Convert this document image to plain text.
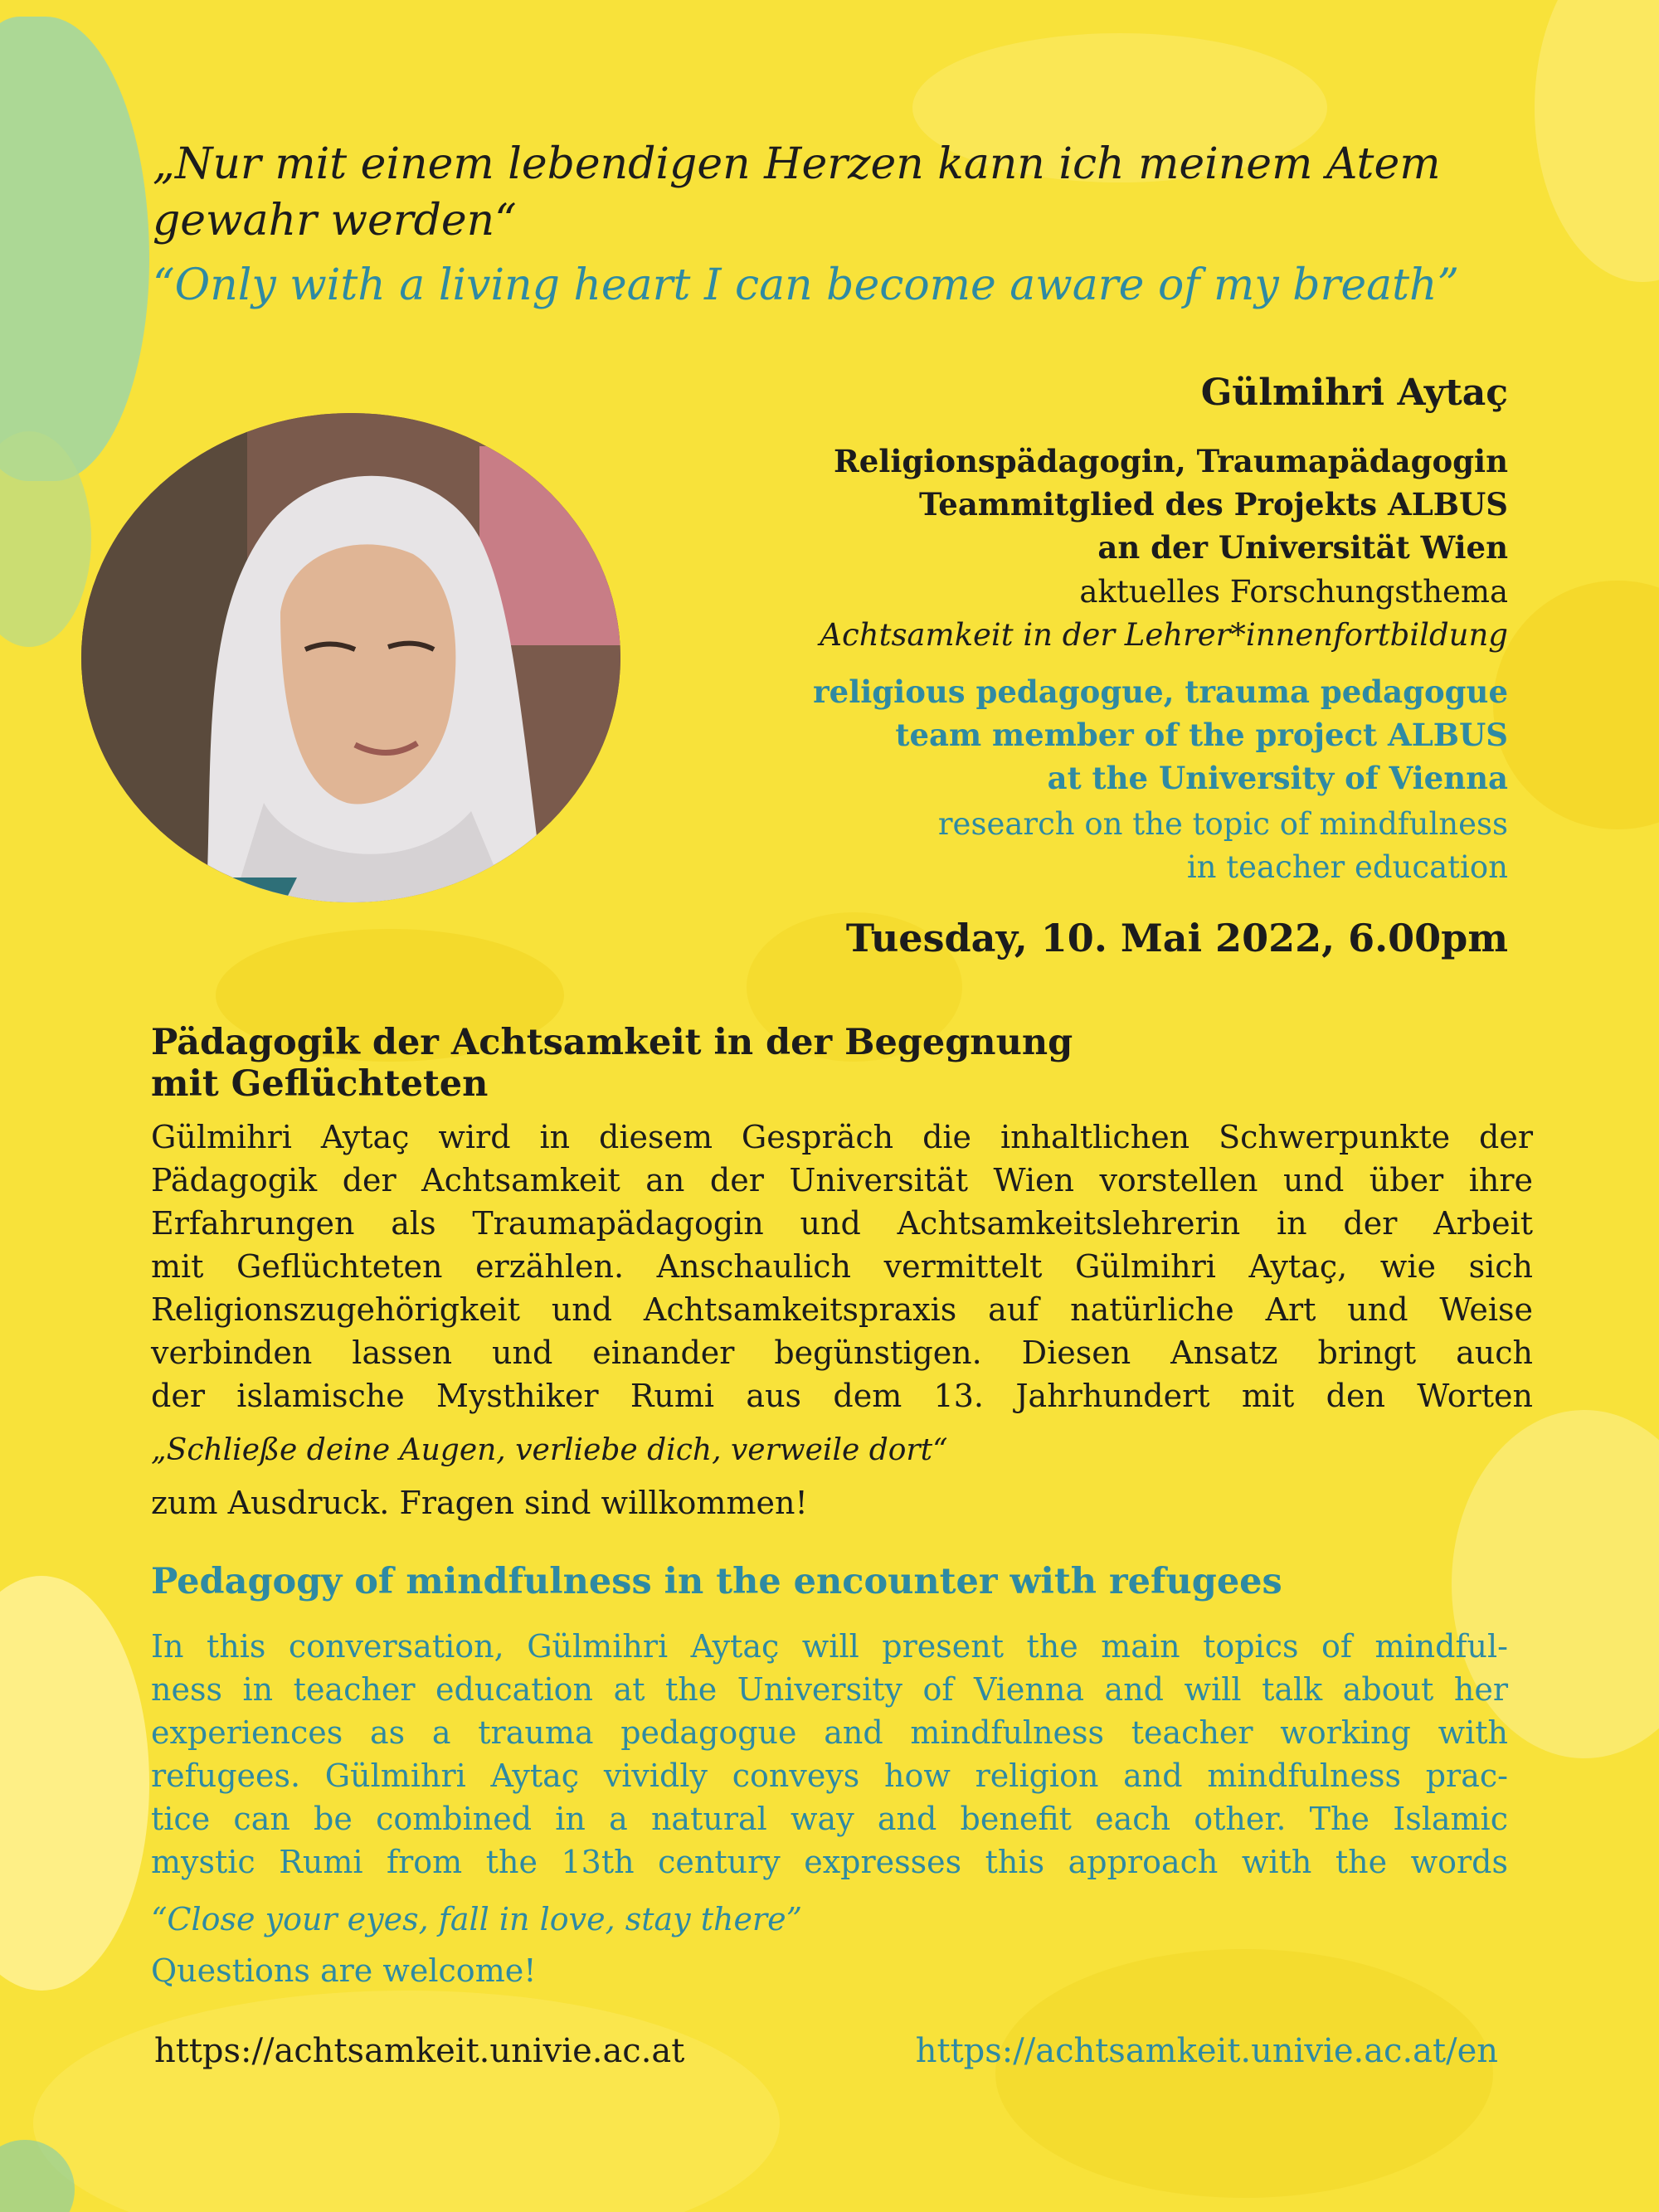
„Nur mit einem lebendigen Herzen kann ich meinem Atem

gewahr werden“

“Only with a living heart I can become aware of my breath”

Gülmihri Aytaç

Religionspädagogin, Traumapädagogin

Teammitglied des Projekts ALBUS

an der Universität Wien

aktuelles Forschungsthema

Achtsamkeit in der Lehrer*innenfortbildung

religious pedagogue, trauma pedagogue

team member of the project ALBUS

at the University of Vienna

research on the topic of mindfulness

in teacher education

Tuesday, 10. Mai 2022, 6.00pm

Pädagogik der Achtsamkeit in der Begegnung

mit Geflüchteten

Gülmihri Aytaç wird in diesem Gespräch die inhaltlichen Schwerpunkte der

Pädagogik der Achtsamkeit an der Universität Wien vorstellen und über ihre

Erfahrungen als Traumapädagogin und Achtsamkeitslehrerin in der Arbeit

mit Geflüchteten erzählen. Anschaulich vermittelt Gülmihri Aytaç, wie sich

Religionszugehörigkeit und Achtsamkeitspraxis auf natürliche Art und Weise

verbinden lassen und einander begünstigen. Diesen Ansatz bringt auch

der islamische Mysthiker Rumi aus dem 13. Jahrhundert mit den Worten

„Schließe deine Augen, verliebe dich, verweile dort“

zum Ausdruck. Fragen sind willkommen!

Pedagogy of mindfulness in the encounter with refugees

In this conversation, Gülmihri Aytaç will present the main topics of mindful-

ness in teacher education at the University of Vienna and will talk about her

experiences as a trauma pedagogue and mindfulness teacher working with

refugees. Gülmihri Aytaç vividly conveys how religion and mindfulness prac-

tice can be combined in a natural way and benefit each other. The Islamic

mystic Rumi from the 13th century expresses this approach with the words

“Close your eyes, fall in love, stay there”

Questions are welcome!

https://achtsamkeit.univie.ac.at	https://achtsamkeit.univie.ac.at/en
